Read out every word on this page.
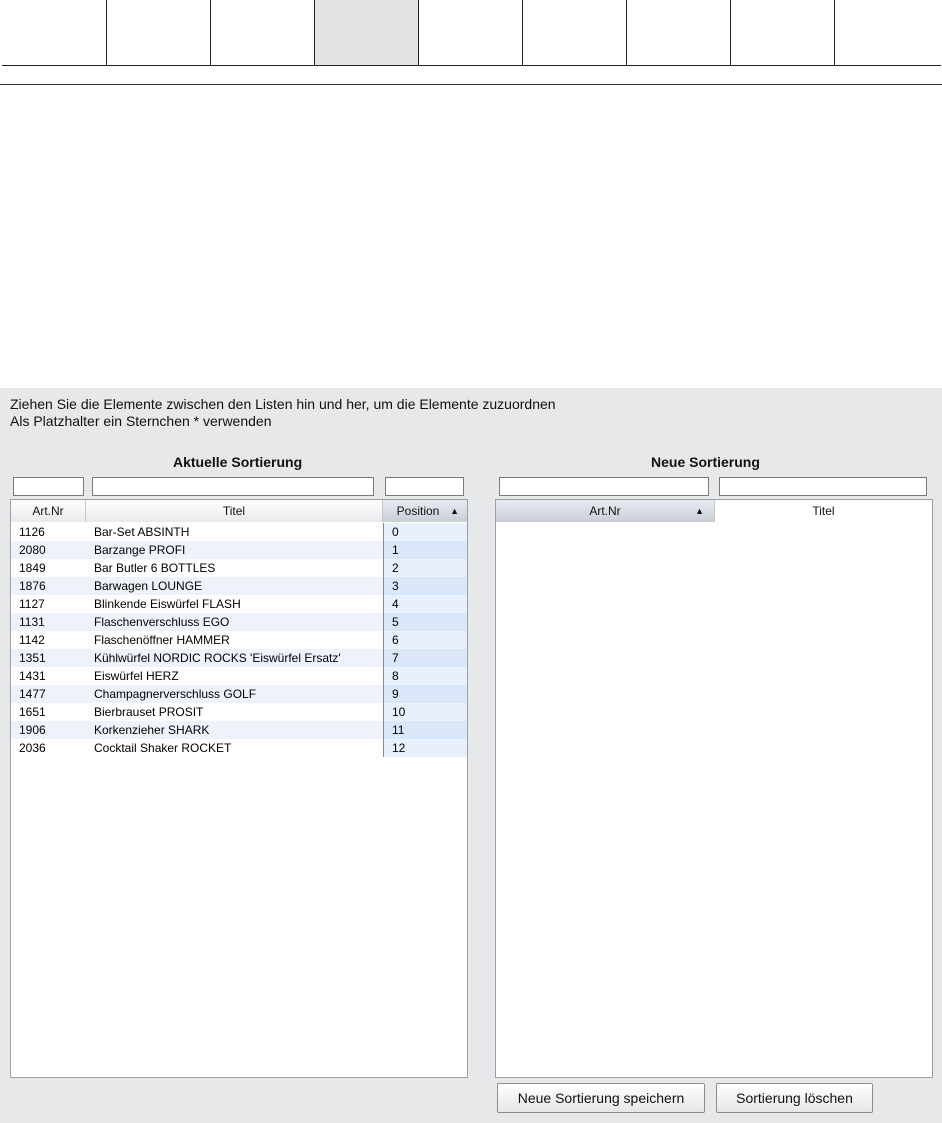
Ziehen Sie die Elemente zwischen den Listen hin und her, um die Elemente zuzuordnen
Als Platzhalter ein Sternchen * verwenden
Aktuelle Sortierung	Neue Sortierung
Art.Nr	Titel	Position ▲
1126	Bar-Set ABSINTH	0
2080	Barzange PROFI	1
1849	Bar Butler 6 BOTTLES	2
1876	Barwagen LOUNGE	3
1127	Blinkende Eiswürfel FLASH	4
1131	Flaschenverschluss EGO	5
1142	Flaschenöffner HAMMER	6
1351	Kühlwürfel NORDIC ROCKS 'Eiswürfel Ersatz'	7
1431	Eiswürfel HERZ	8
1477	Champagnerverschluss GOLF	9
1651	Bierbrauset PROSIT	10
1906	Korkenzieher SHARK	11
2036	Cocktail Shaker ROCKET	12
Art.Nr	▲	Titel
Neue Sortierung speichern	Sortierung löschen
